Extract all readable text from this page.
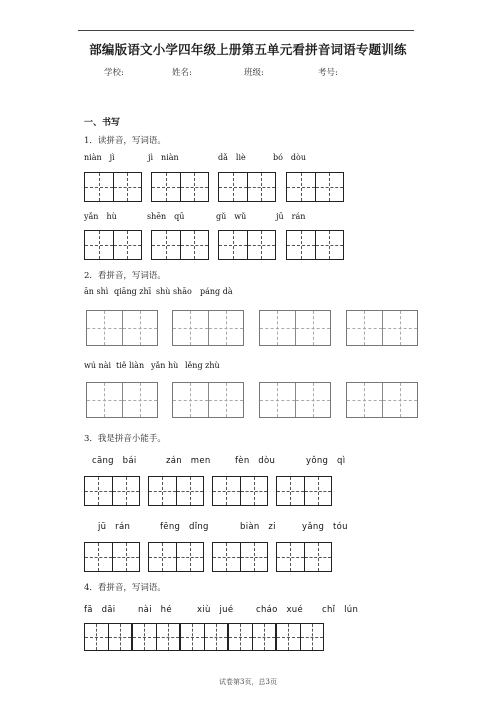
部编版语文小学四年级上册第五单元看拼音词语专题训练
学校:	姓名:	班级:	考号:
一、书写
1．读拼音，写词语。
niàn　jì	jì　niàn	dǎ　liè	bó　dòu
yǎn　hù	shēn　qū	gǔ　wǔ	jū　rán
2．看拼音，写词语。
ān shì qiāng zhī shù shāo páng dà
wú nài tiě liàn yǎn hù lěng zhù
3．我是拼音小能手。
cāng　bái	zán　men	fèn　dòu	yǒng　qì
jū　rán	fēng　dǐng	biàn　zi	yǎng　tóu
4．看拼音，写词语。
fā　dāi	nài　hé	xiù　jué	cháo　xué chǐ　lún
试卷第3页，总3页
